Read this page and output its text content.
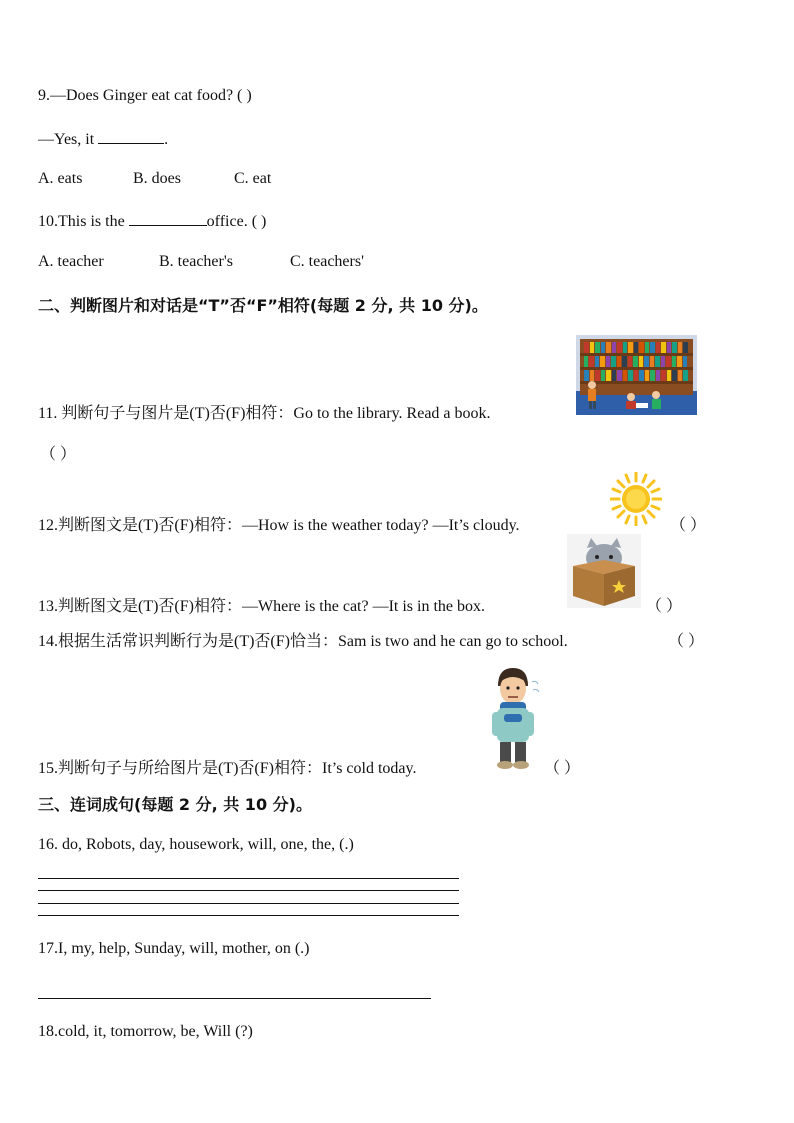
9.—Does Ginger eat cat food? ( )
—Yes, it	.
A. eats	B. does	C. eat
10.This is the	office. ( )
A. teacher	B. teacher's	C. teachers'
二、判断图片和对话是“T”否“F”相符(每题 2 分, 共 10 分)。
11. 判断句子与图片是(T)否(F)相符：Go to the library. Read a book.
（ ）
12.判断图文是(T)否(F)相符：—How is the weather today? —It’s cloudy.	（ ）
13.判断图文是(T)否(F)相符：—Where is the cat? —It is in the box.	（ ）
14.根据生活常识判断行为是(T)否(F)恰当：Sam is two and he can go to school.	（ ）
15.判断句子与所给图片是(T)否(F)相符：It’s cold today.	（ ）
三、连词成句(每题 2 分, 共 10 分)。
16. do, Robots, day, housework, will, one, the, (.)
17.I, my, help, Sunday, will, mother, on (.)
18.cold, it, tomorrow, be, Will (?)
